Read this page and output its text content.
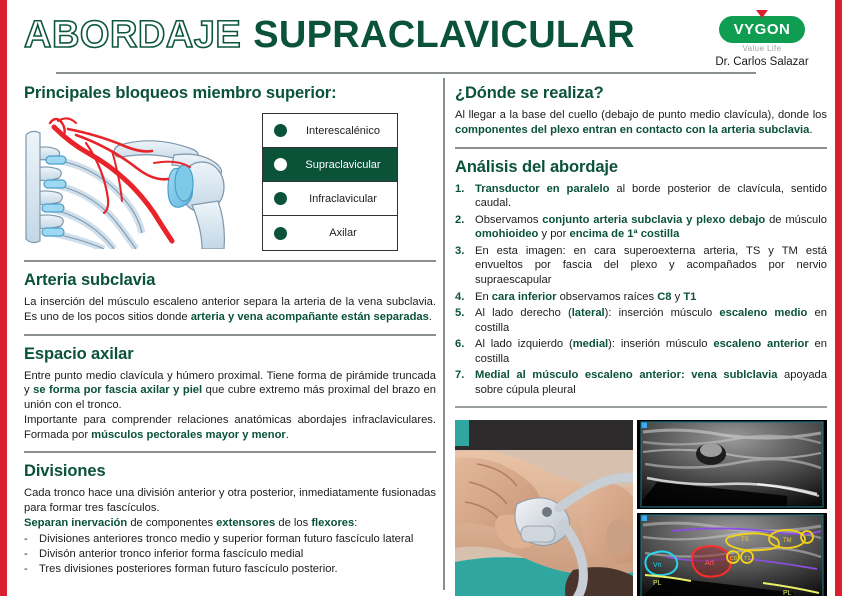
ABORDAJE SUPRACLAVICULAR	VYGON
Value Life
Dr. Carlos Salazar
Principales bloqueos miembro superior:
Interescalénico
Supraclavicular
Infraclavicular
Axilar
Arteria subclavia

La inserción del músculo escaleno anterior separa la arteria de la vena subclavia. Es uno de los pocos sitios donde arteria y vena acompañante están separadas.

Espacio axilar

Entre punto medio clavícula y húmero proximal. Tiene forma de pirámide truncada y se forma por fascia axilar y piel que cubre extremo más proximal del brazo en unión con el tronco.

Importante para comprender relaciones anatómicas abordajes infraclaviculares. Formada por músculos pectorales mayor y menor.

Divisiones

Cada tronco hace una división anterior y otra posterior, inmediatamente fusionadas para formar tres fascículos.

Separan inervación de componentes extensores de los flexores:

-	Divisiones anteriores tronco medio y superior forman futuro fascículo lateral
-	Divisón anterior tronco inferior forma fascículo medial
-	Tres divisiones posteriores forman futuro fascículo posterior.
¿Dónde se realiza?

Al llegar a la base del cuello (debajo de punto medio clavícula), donde los componentes del plexo entran en contacto con la arteria subclavia.

Análisis del abordaje
1. Transductor en paralelo al borde posterior de clavícula, sentido caudal.
2. Observamos conjunto arteria subclavia y plexo debajo de músculo omohioideo y por encima de 1ª costilla
3. En esta imagen: en cara superoexterna arteria, TS y TM está envueltos por fascia del plexo y acompañados por nervio supraescapular
4. En cara inferior observamos raíces C8 y T1
5. Al lado derecho (lateral): inserción músculo escaleno medio en costilla
6. Al lado izquierdo (medial): inserión músculo escaleno anterior en costilla
7. Medial al músculo escaleno anterior: vena sublclavia apoyada sobre cúpula pleural
Vn	Art
TS	TM
C8 T1
PL
PL
